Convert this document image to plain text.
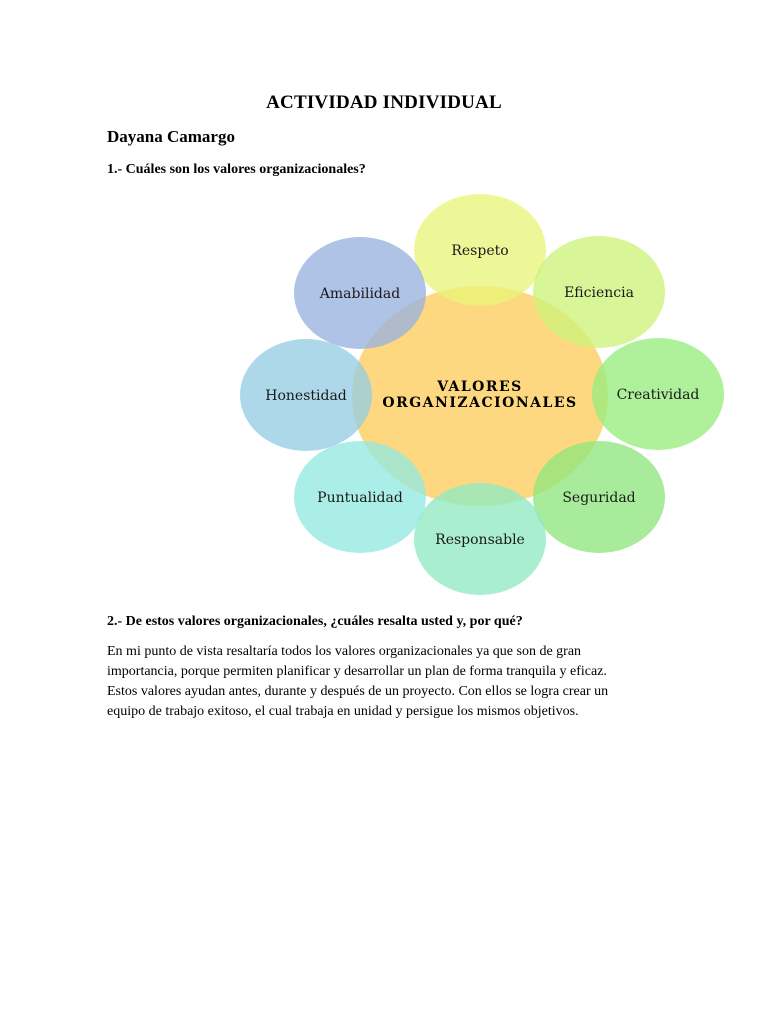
ACTIVIDAD INDIVIDUAL
Dayana Camargo
1.- Cuáles son los valores organizacionales?
Respeto
Eficiencia
Creatividad
Seguridad
Responsable
Puntualidad
Honestidad
Amabilidad
VALORES
ORGANIZACIONALES
2.- De estos valores organizacionales, ¿cuáles resalta usted y, por qué?

En mi punto de vista resaltaría todos los valores organizacionales ya que son de gran
importancia, porque permiten planificar y desarrollar un plan de forma tranquila y eficaz.
Estos valores ayudan antes, durante y después de un proyecto. Con ellos se logra crear un
equipo de trabajo exitoso, el cual trabaja en unidad y persigue los mismos objetivos.
